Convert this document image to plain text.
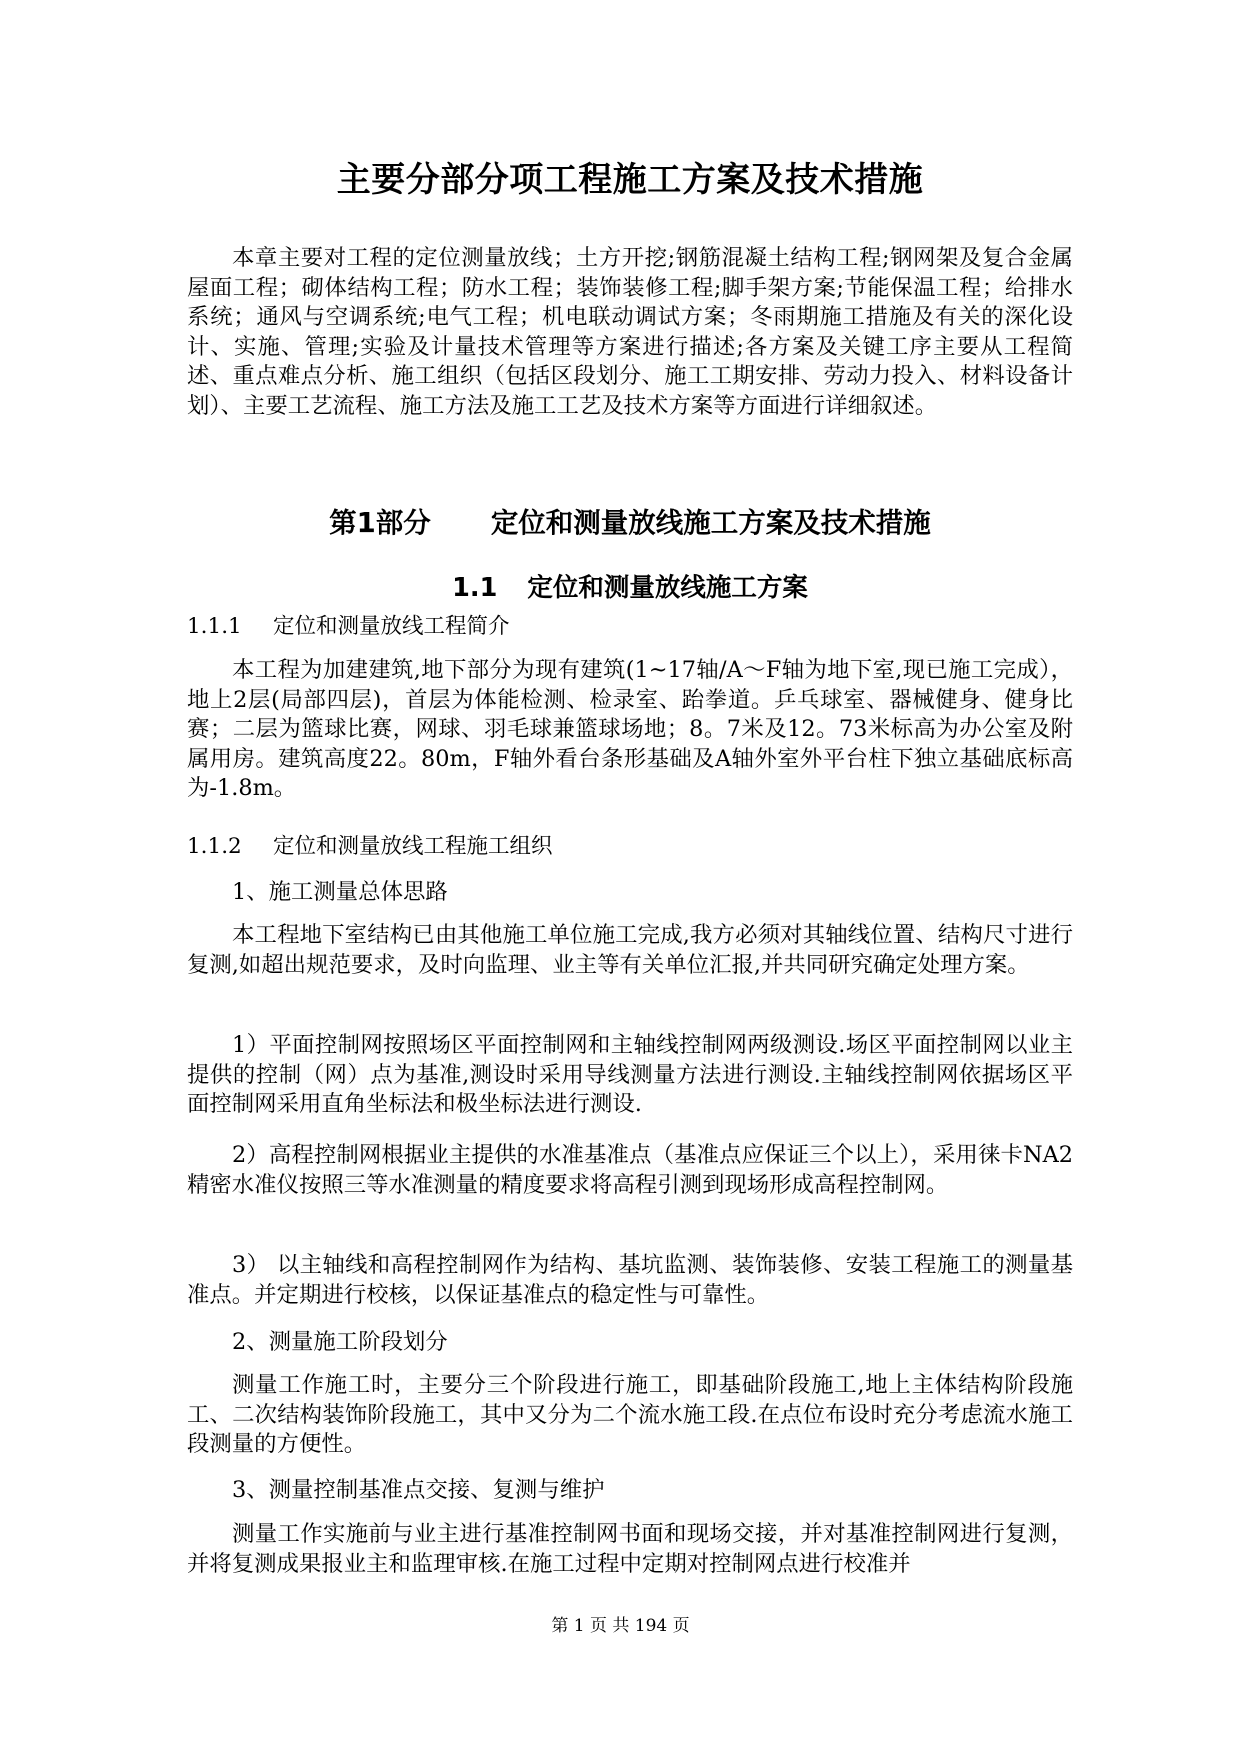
主要分部分项工程施工方案及技术措施

本章主要对工程的定位测量放线；土方开挖;钢筋混凝土结构工程;钢网架及复合金属屋面工程；砌体结构工程；防水工程；装饰装修工程;脚手架方案;节能保温工程；给排水系统；通风与空调系统;电气工程；机电联动调试方案；冬雨期施工措施及有关的深化设计、实施、管理;实验及计量技术管理等方案进行描述;各方案及关键工序主要从工程简述、重点难点分析、施工组织（包括区段划分、施工工期安排、劳动力投入、材料设备计划）、主要工艺流程、施工方法及施工工艺及技术方案等方面进行详细叙述。

第1部分 定位和测量放线施工方案及技术措施
1.1 定位和测量放线施工方案
1.1.1 定位和测量放线工程简介

本工程为加建建筑,地下部分为现有建筑(1~17轴/A～F轴为地下室,现已施工完成），地上2层(局部四层)，首层为体能检测、检录室、跆拳道。乒乓球室、器械健身、健身比赛；二层为篮球比赛，网球、羽毛球兼篮球场地；8。7米及12。73米标高为办公室及附属用房。建筑高度22。80m，F轴外看台条形基础及A轴外室外平台柱下独立基础底标高为-1.8m。

1.1.2 定位和测量放线工程施工组织
1、施工测量总体思路

本工程地下室结构已由其他施工单位施工完成,我方必须对其轴线位置、结构尺寸进行复测,如超出规范要求，及时向监理、业主等有关单位汇报,并共同研究确定处理方案。

1）平面控制网按照场区平面控制网和主轴线控制网两级测设.场区平面控制网以业主提供的控制（网）点为基准,测设时采用导线测量方法进行测设.主轴线控制网依据场区平面控制网采用直角坐标法和极坐标法进行测设.

2）高程控制网根据业主提供的水准基准点（基准点应保证三个以上），采用徕卡NA2精密水准仪按照三等水准测量的精度要求将高程引测到现场形成高程控制网。

3） 以主轴线和高程控制网作为结构、基坑监测、装饰装修、安装工程施工的测量基准点。并定期进行校核，以保证基准点的稳定性与可靠性。

2、测量施工阶段划分

测量工作施工时，主要分三个阶段进行施工，即基础阶段施工,地上主体结构阶段施工、二次结构装饰阶段施工，其中又分为二个流水施工段.在点位布设时充分考虑流水施工段测量的方便性。

3、测量控制基准点交接、复测与维护

测量工作实施前与业主进行基准控制网书面和现场交接，并对基准控制网进行复测，并将复测成果报业主和监理审核.在施工过程中定期对控制网点进行校准并

第 1 页 共 194 页
